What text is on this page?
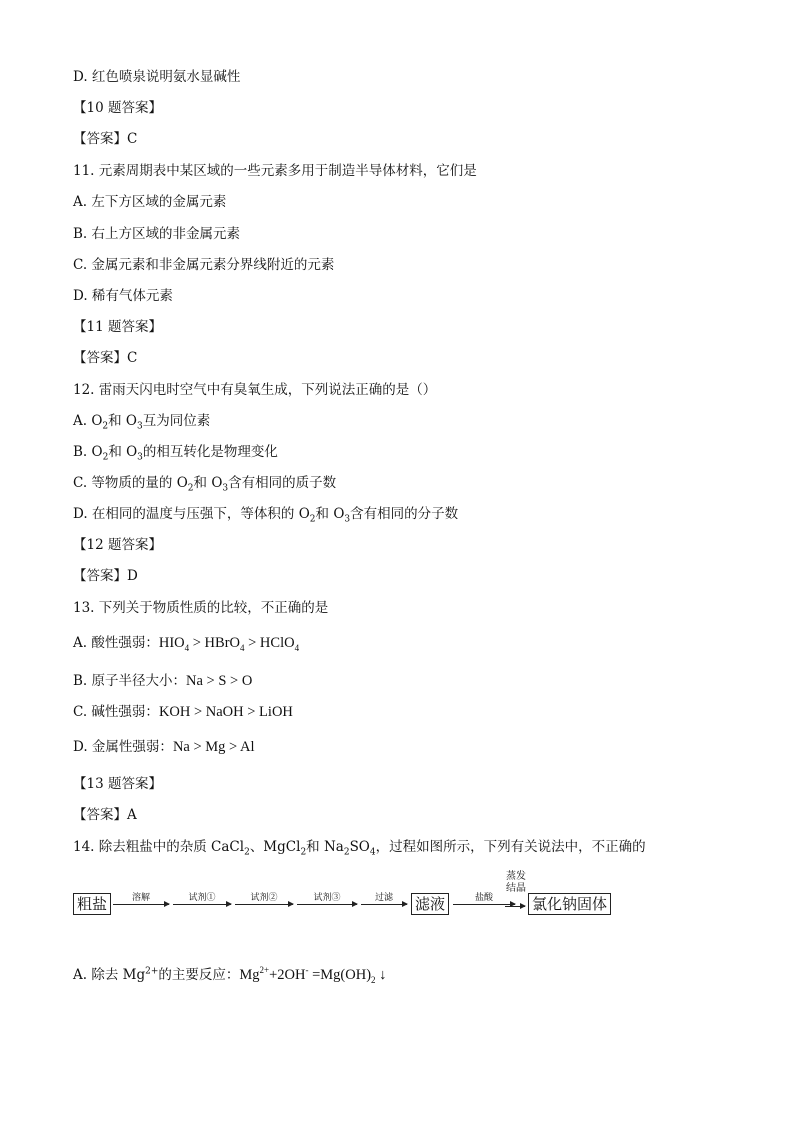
D. 红色喷泉说明氨水显碱性
【10 题答案】
【答案】C
11. 元素周期表中某区域的一些元素多用于制造半导体材料，它们是
A. 左下方区域的金属元素
B. 右上方区域的非金属元素
C. 金属元素和非金属元素分界线附近的元素
D. 稀有气体元素
【11 题答案】
【答案】C
12. 雷雨天闪电时空气中有臭氧生成，下列说法正确的是（）
A. $O_2$和 $O_3$互为同位素
B. $O_2$和 $O_3$的相互转化是物理变化
C. 等物质的量的 $O_2$和 $O_3$含有相同的质子数
D. 在相同的温度与压强下，等体积的 $O_2$和 $O_3$含有相同的分子数
【12 题答案】
【答案】D
13. 下列关于物质性质的比较，不正确的是
A. 酸性强弱：$HIO_4$ > HBrO$_4$ > HClO$_4$
B. 原子半径大小：Na > S > O
C. 碱性强弱：KOH > NaOH > LiOH
D. 金属性强弱：Na > Mg > Al
【13 题答案】
【答案】A
14. 除去粗盐中的杂质 CaCl$_2$、MgCl$_2$和 $Na_2SO_4$，过程如图所示，下列有关说法中，不正确的
粗盐	溶解	试剂①	试剂②	试剂③	过滤	滤液	盐酸
蒸发
结晶
氯化钠固体
A. 除去 $Mg^{2+}$的主要反应：$Mg^{2+}+2OH^- =Mg(OH)_2$ ↓
